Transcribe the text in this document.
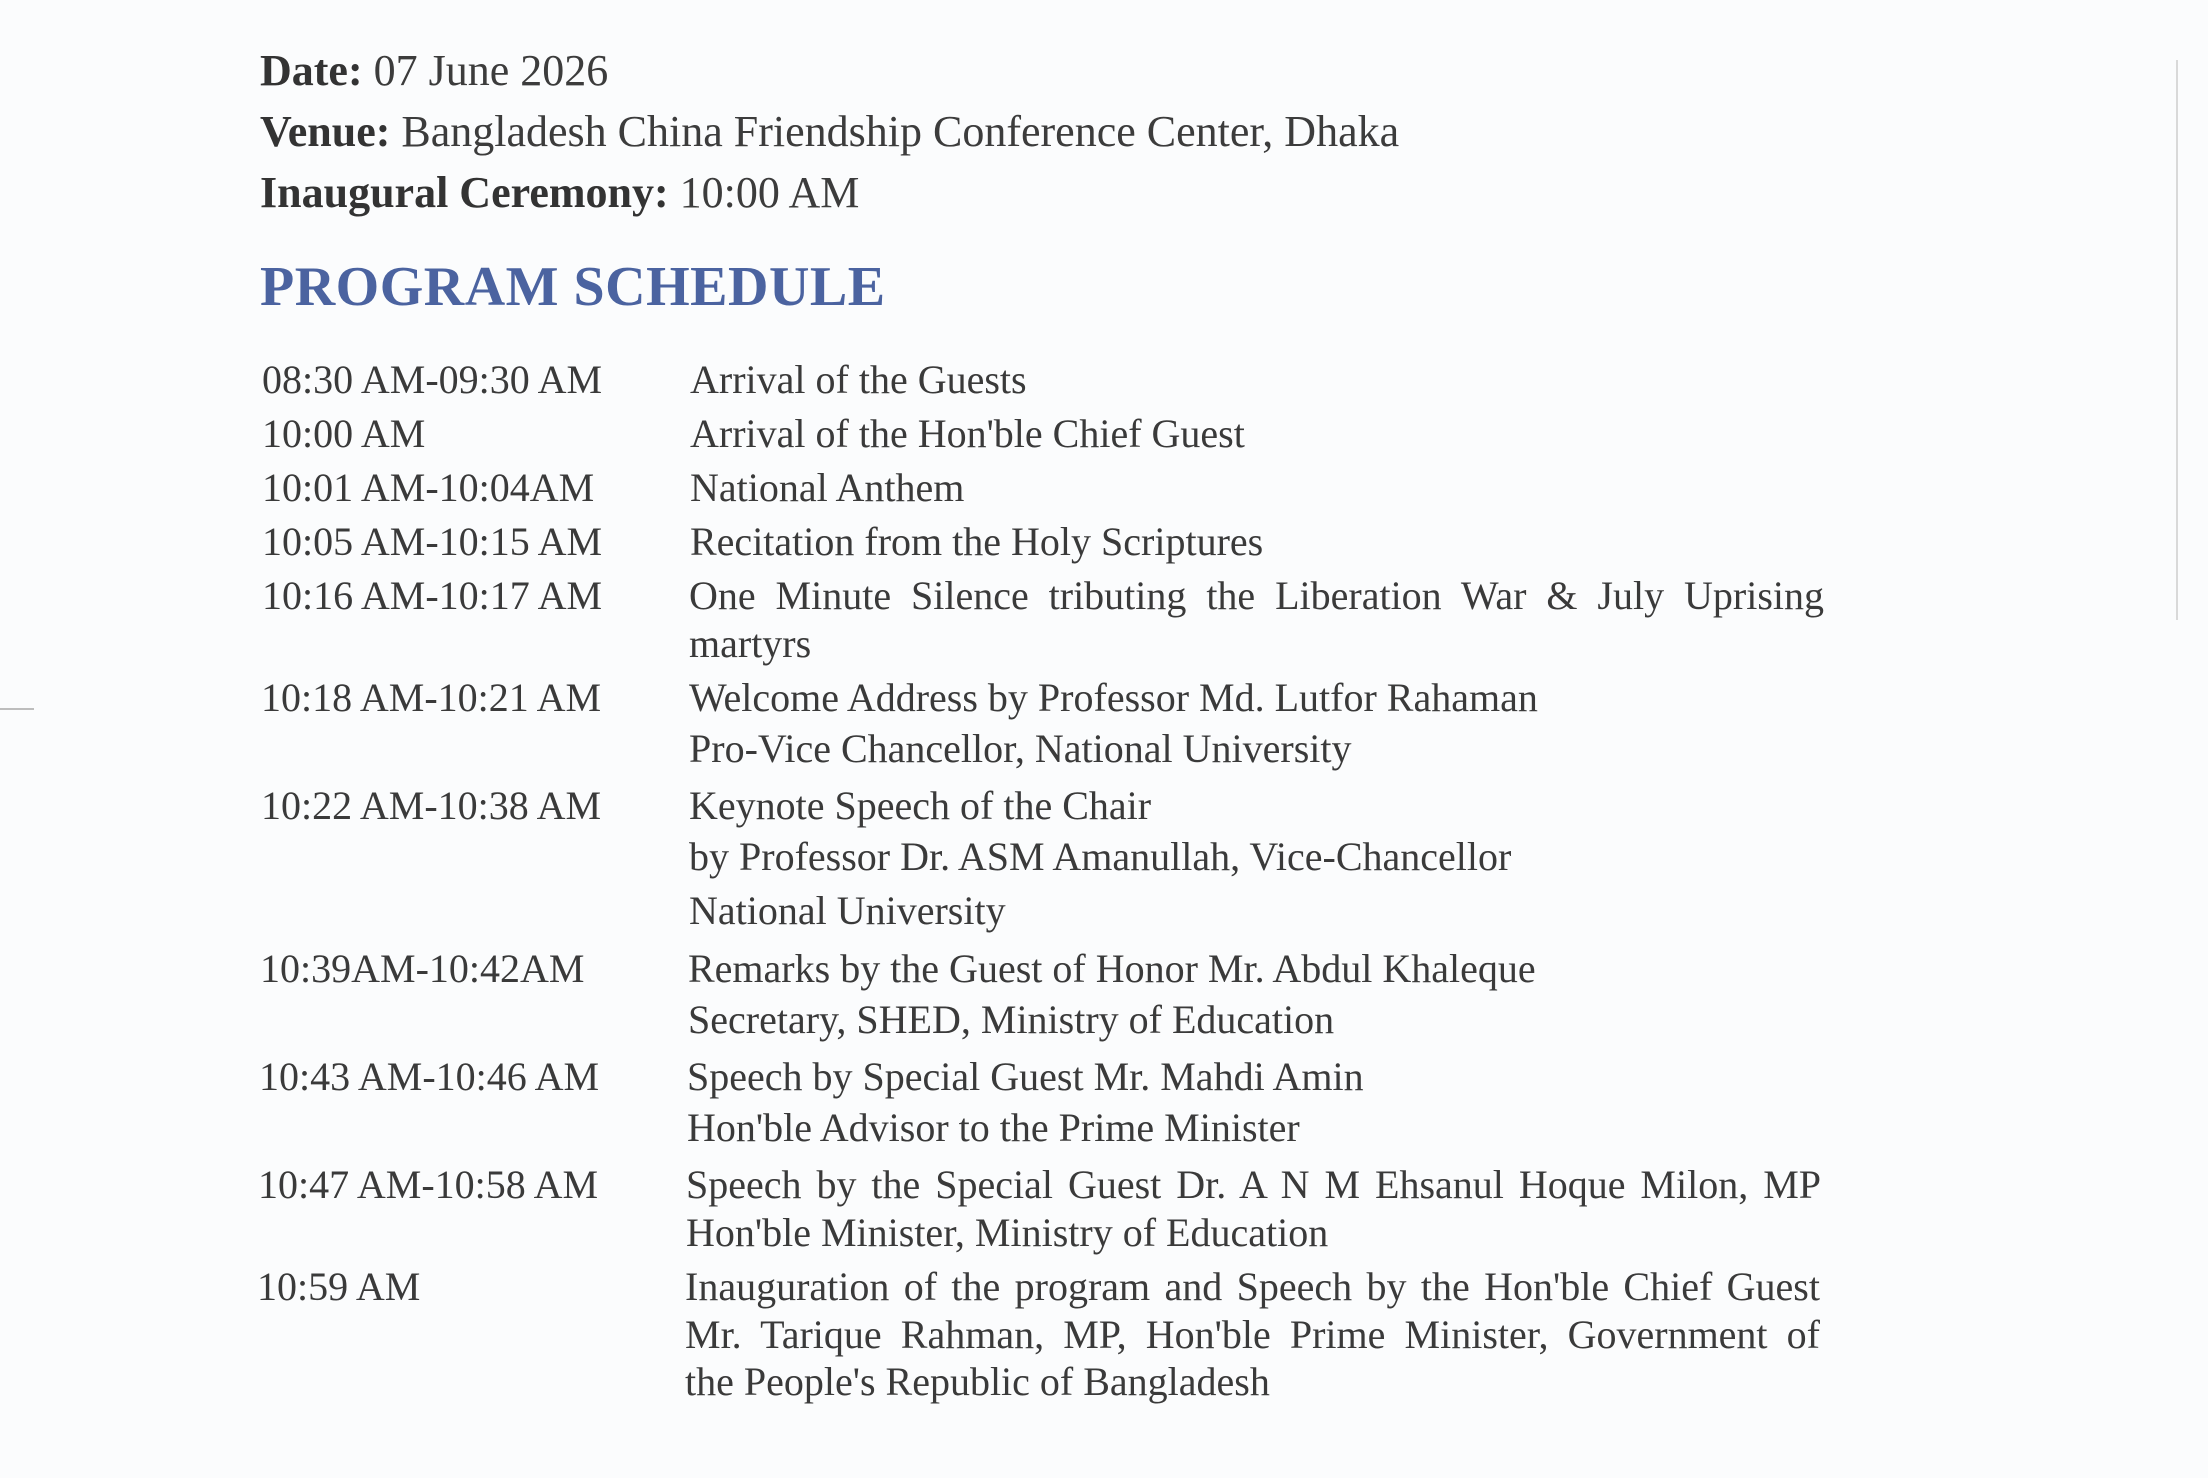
Date: 07 June 2026
Venue: Bangladesh China Friendship Conference Center, Dhaka
Inaugural Ceremony: 10:00 AM
PROGRAM SCHEDULE
08:30 AM-09:30 AM Arrival of the Guests
10:00 AM	Arrival of the Hon'ble Chief Guest
10:01 AM-10:04AM National Anthem
10:05 AM-10:15 AM Recitation from the Holy Scriptures
10:16 AM-10:17 AM One Minute Silence tributing the Liberation War & July Uprising
martyrs
10:18 AM-10:21 AM Welcome Address by Professor Md. Lutfor Rahaman
Pro-Vice Chancellor, National University
10:22 AM-10:38 AM Keynote Speech of the Chair
by Professor Dr. ASM Amanullah, Vice-Chancellor
National University
10:39AM-10:42AM	Remarks by the Guest of Honor Mr. Abdul Khaleque
Secretary, SHED, Ministry of Education
10:43 AM-10:46 AM Speech by Special Guest Mr. Mahdi Amin
Hon'ble Advisor to the Prime Minister
10:47 AM-10:58 AM Speech by the Special Guest Dr. A N M Ehsanul Hoque Milon, MP
Hon'ble Minister, Ministry of Education
10:59 AM	Inauguration of the program and Speech by the Hon'ble Chief Guest
Mr. Tarique Rahman, MP, Hon'ble Prime Minister, Government of
the People's Republic of Bangladesh
